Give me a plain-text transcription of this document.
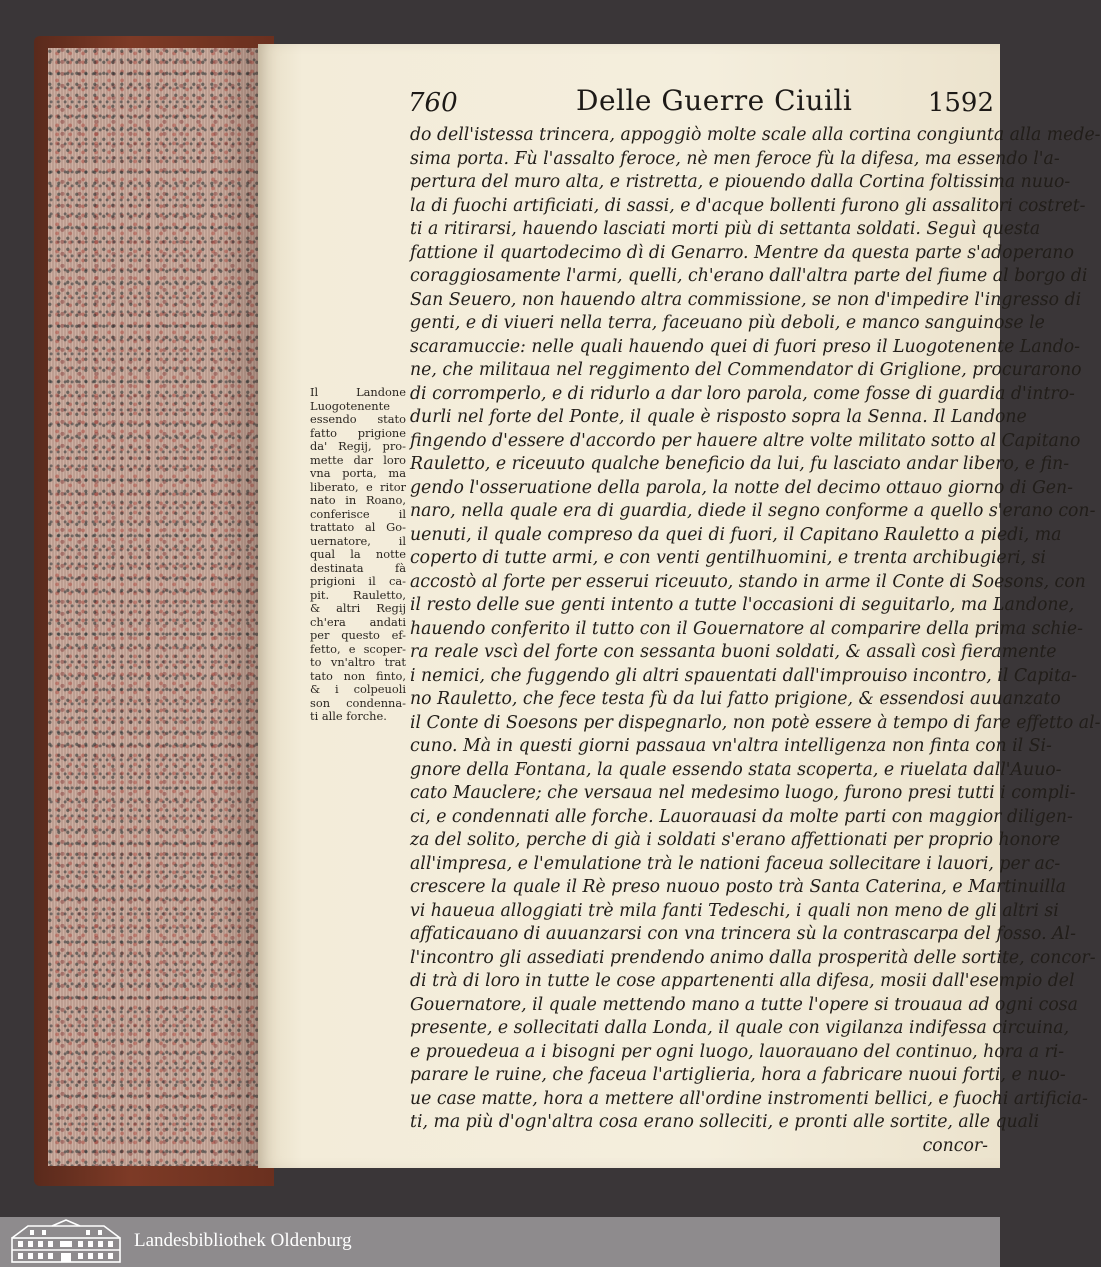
760	Delle Guerre Ciuili	1592
Il Landone
Luogotenente
essendo stato
fatto prigione
da' Regij, pro-
mette dar loro
vna porta, ma
liberato, e ritor
nato in Roano,
conferisce il
trattato al Go-
uernatore, il
qual la notte
destinata fà
prigioni il ca-
pit. Rauletto,
& altri Regij
ch'era andati
per questo ef-
fetto, e scoper-
to vn'altro trat
tato non finto,
& i colpeuoli
son condenna-
ti alle forche.
do dell'istessa trincera, appoggiò molte scale alla cortina congiunta alla mede-
sima porta. Fù l'assalto feroce, nè men feroce fù la difesa, ma essendo l'a-
pertura del muro alta, e ristretta, e piouendo dalla Cortina foltissima nuuo-
la di fuochi artificiati, di sassi, e d'acque bollenti furono gli assalitori costret-
ti a ritirarsi, hauendo lasciati morti più di settanta soldati. Seguì questa
fattione il quartodecimo dì di Genarro. Mentre da questa parte s'adoperano
coraggiosamente l'armi, quelli, ch'erano dall'altra parte del fiume al borgo di
San Seuero, non hauendo altra commissione, se non d'impedire l'ingresso di
genti, e di viueri nella terra, faceuano più deboli, e manco sanguinose le
scaramuccie: nelle quali hauendo quei di fuori preso il Luogotenente Lando-
ne, che militaua nel reggimento del Commendator di Griglione, procurarono
di corromperlo, e di ridurlo a dar loro parola, come fosse di guardia d'intro-
durli nel forte del Ponte, il quale è risposto sopra la Senna. Il Landone
fingendo d'essere d'accordo per hauere altre volte militato sotto al Capitano
Rauletto, e riceuuto qualche beneficio da lui, fu lasciato andar libero, e fin-
gendo l'osseruatione della parola, la notte del decimo ottauo giorno di Gen-
naro, nella quale era di guardia, diede il segno conforme a quello s'erano con-
uenuti, il quale compreso da quei di fuori, il Capitano Rauletto a piedi, ma
coperto di tutte armi, e con venti gentilhuomini, e trenta archibugieri, si
accostò al forte per esserui riceuuto, stando in arme il Conte di Soesons, con
il resto delle sue genti intento a tutte l'occasioni di seguitarlo, ma Landone,
hauendo conferito il tutto con il Gouernatore al comparire della prima schie-
ra reale vscì del forte con sessanta buoni soldati, & assalì così fieramente
i nemici, che fuggendo gli altri spauentati dall'improuiso incontro, il Capita-
no Rauletto, che fece testa fù da lui fatto prigione, & essendosi auuanzato
il Conte di Soesons per dispegnarlo, non potè essere à tempo di fare effetto al-
cuno. Mà in questi giorni passaua vn'altra intelligenza non finta con il Si-
gnore della Fontana, la quale essendo stata scoperta, e riuelata dall'Auuo-
cato Mauclere; che versaua nel medesimo luogo, furono presi tutti i compli-
ci, e condennati alle forche. Lauorauasi da molte parti con maggior diligen-
za del solito, perche di già i soldati s'erano affettionati per proprio honore
all'impresa, e l'emulatione trà le nationi faceua sollecitare i lauori, per ac-
crescere la quale il Rè preso nuouo posto trà Santa Caterina, e Martinuilla
vi haueua alloggiati trè mila fanti Tedeschi, i quali non meno de gli altri si
affaticauano di auuanzarsi con vna trincera sù la contrascarpa del fosso. Al-
l'incontro gli assediati prendendo animo dalla prosperità delle sortite, concor-
di trà di loro in tutte le cose appartenenti alla difesa, mosii dall'esempio del
Gouernatore, il quale mettendo mano a tutte l'opere si trouaua ad ogni cosa
presente, e sollecitati dalla Londa, il quale con vigilanza indifessa circuina,
e prouedeua a i bisogni per ogni luogo, lauorauano del continuo, hora a ri-
parare le ruine, che faceua l'artiglieria, hora a fabricare nuoui forti, e nuo-
ue case matte, hora a mettere all'ordine instromenti bellici, e fuochi artificia-
ti, ma più d'ogn'altra cosa erano solleciti, e pronti alle sortite, alle quali
concor-
Landesbibliothek Oldenburg
